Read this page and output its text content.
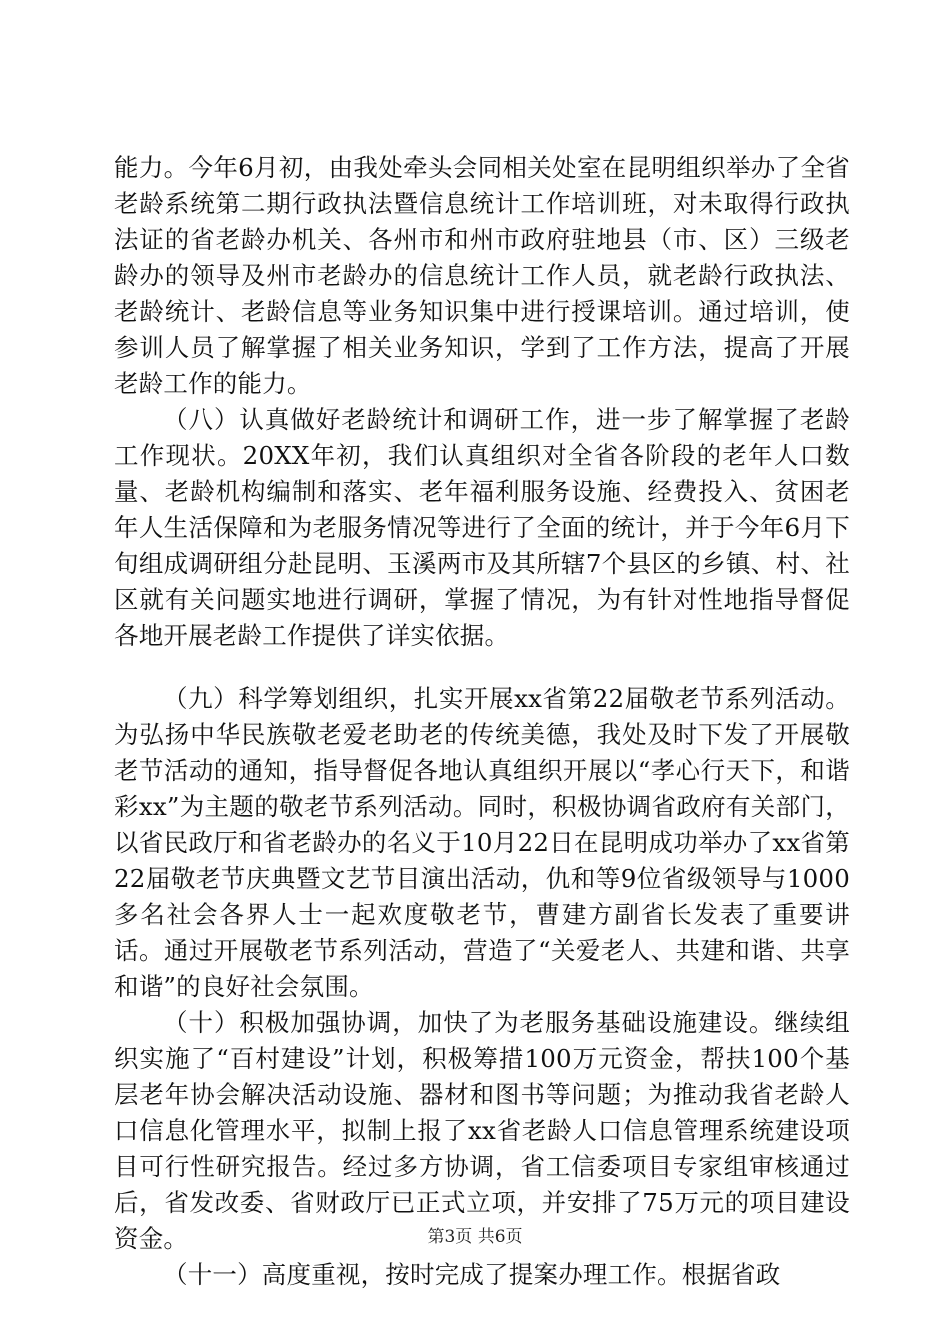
能力。今年6月初，由我处牵头会同相关处室在昆明组织举办了全省老龄系统第二期行政执法暨信息统计工作培训班，对未取得行政执法证的省老龄办机关、各州市和州市政府驻地县（市、区）三级老龄办的领导及州市老龄办的信息统计工作人员，就老龄行政执法、老龄统计、老龄信息等业务知识集中进行授课培训。通过培训，使参训人员了解掌握了相关业务知识，学到了工作方法，提高了开展老龄工作的能力。

（八）认真做好老龄统计和调研工作，进一步了解掌握了老龄工作现状。20XX年初，我们认真组织对全省各阶段的老年人口数量、老龄机构编制和落实、老年福利服务设施、经费投入、贫困老年人生活保障和为老服务情况等进行了全面的统计，并于今年6月下旬组成调研组分赴昆明、玉溪两市及其所辖7个县区的乡镇、村、社区就有关问题实地进行调研，掌握了情况，为有针对性地指导督促各地开展老龄工作提供了详实依据。

（九）科学筹划组织，扎实开展xx省第22届敬老节系列活动。为弘扬中华民族敬老爱老助老的传统美德，我处及时下发了开展敬老节活动的通知，指导督促各地认真组织开展以“孝心行天下，和谐彩xx”为主题的敬老节系列活动。同时，积极协调省政府有关部门，以省民政厅和省老龄办的名义于10月22日在昆明成功举办了xx省第22届敬老节庆典暨文艺节目演出活动，仇和等9位省级领导与1000多名社会各界人士一起欢度敬老节，曹建方副省长发表了重要讲话。通过开展敬老节系列活动，营造了“关爱老人、共建和谐、共享和谐”的良好社会氛围。

（十）积极加强协调，加快了为老服务基础设施建设。继续组织实施了“百村建设”计划，积极筹措100万元资金，帮扶100个基层老年协会解决活动设施、器材和图书等问题；为推动我省老龄人口信息化管理水平，拟制上报了xx省老龄人口信息管理系统建设项目可行性研究报告。经过多方协调，省工信委项目专家组审核通过后，省发改委、省财政厅已正式立项，并安排了75万元的项目建设资金。

（十一）高度重视，按时完成了提案办理工作。根据省政

第3页 共6页
